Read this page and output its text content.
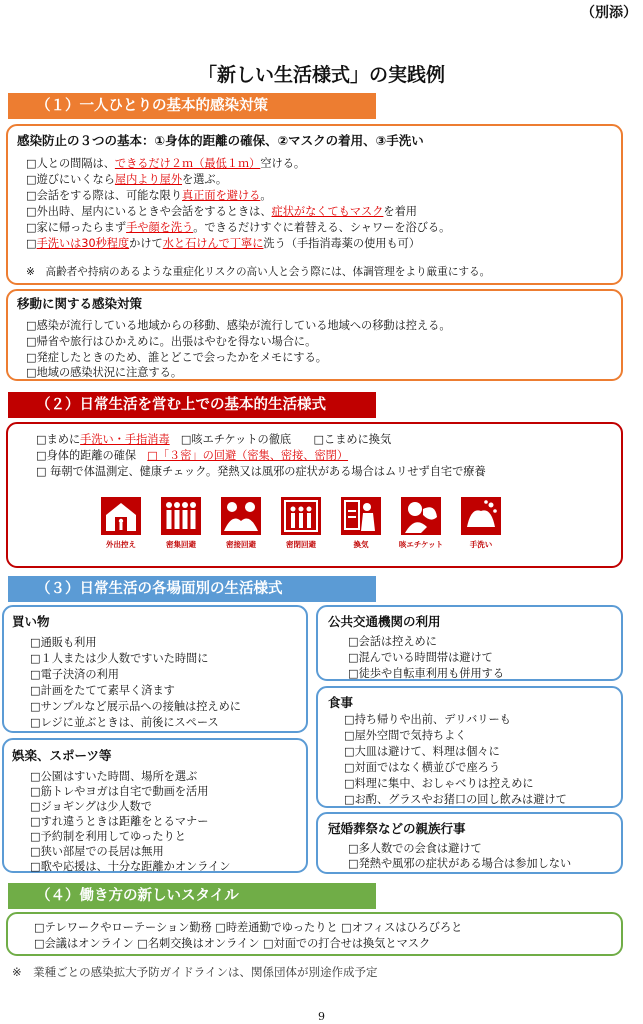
（別添）
「新しい生活様式」の実践例
（１）一人ひとりの基本的感染対策
感染防止の３つの基本：①身体的距離の確保、②マスクの着用、③手洗い
□人との間隔は、できるだけ２ｍ（最低１ｍ）空ける。
□遊びにいくなら屋内より屋外を選ぶ。
□会話をする際は、可能な限り真正面を避ける。
□外出時、屋内にいるときや会話をするときは、症状がなくてもマスクを着用
□家に帰ったらまず手や顔を洗う。できるだけすぐに着替える、シャワーを浴びる。
□手洗いは30秒程度かけて水と石けんで丁寧に洗う（手指消毒薬の使用も可）
※　高齢者や持病のあるような重症化リスクの高い人と会う際には、体調管理をより厳重にする。
移動に関する感染対策
□感染が流行している地域からの移動、感染が流行している地域への移動は控える。
□帰省や旅行はひかえめに。出張はやむを得ない場合に。
□発症したときのため、誰とどこで会ったかをメモにする。
□地域の感染状況に注意する。
（２）日常生活を営む上での基本的生活様式
□まめに手洗い・手指消毒　□咳エチケットの徹底　　□こまめに換気
□身体的距離の確保　□「３密」の回避（密集、密接、密閉）
□ 毎朝で体温測定、健康チェック。発熱又は風邪の症状がある場合はムリせず自宅で療養
外出控え	密集回避	密接回避	密閉回避	換気	咳エチケット	手洗い
（３）日常生活の各場面別の生活様式
買い物
□通販も利用
□１人または少人数ですいた時間に
□電子決済の利用
□計画をたてて素早く済ます
□サンプルなど展示品への接触は控えめに
□レジに並ぶときは、前後にスペース
娯楽、スポーツ等
□公園はすいた時間、場所を選ぶ
□筋トレやヨガは自宅で動画を活用
□ジョギングは少人数で
□すれ違うときは距離をとるマナー
□予約制を利用してゆったりと
□狭い部屋での長居は無用
□歌や応援は、十分な距離かオンライン
公共交通機関の利用
□会話は控えめに
□混んでいる時間帯は避けて
□徒歩や自転車利用も併用する
食事
□持ち帰りや出前、デリバリーも
□屋外空間で気持ちよく
□大皿は避けて、料理は個々に
□対面ではなく横並びで座ろう
□料理に集中、おしゃべりは控えめに
□お酌、グラスやお猪口の回し飲みは避けて
冠婚葬祭などの親族行事
□多人数での会食は避けて
□発熱や風邪の症状がある場合は参加しない
（４）働き方の新しいスタイル
□テレワークやローテーション勤務 □時差通勤でゆったりと □オフィスはひろびろと
□会議はオンライン □名刺交換はオンライン □対面での打合せは換気とマスク
※　業種ごとの感染拡大予防ガイドラインは、関係団体が別途作成予定
9
